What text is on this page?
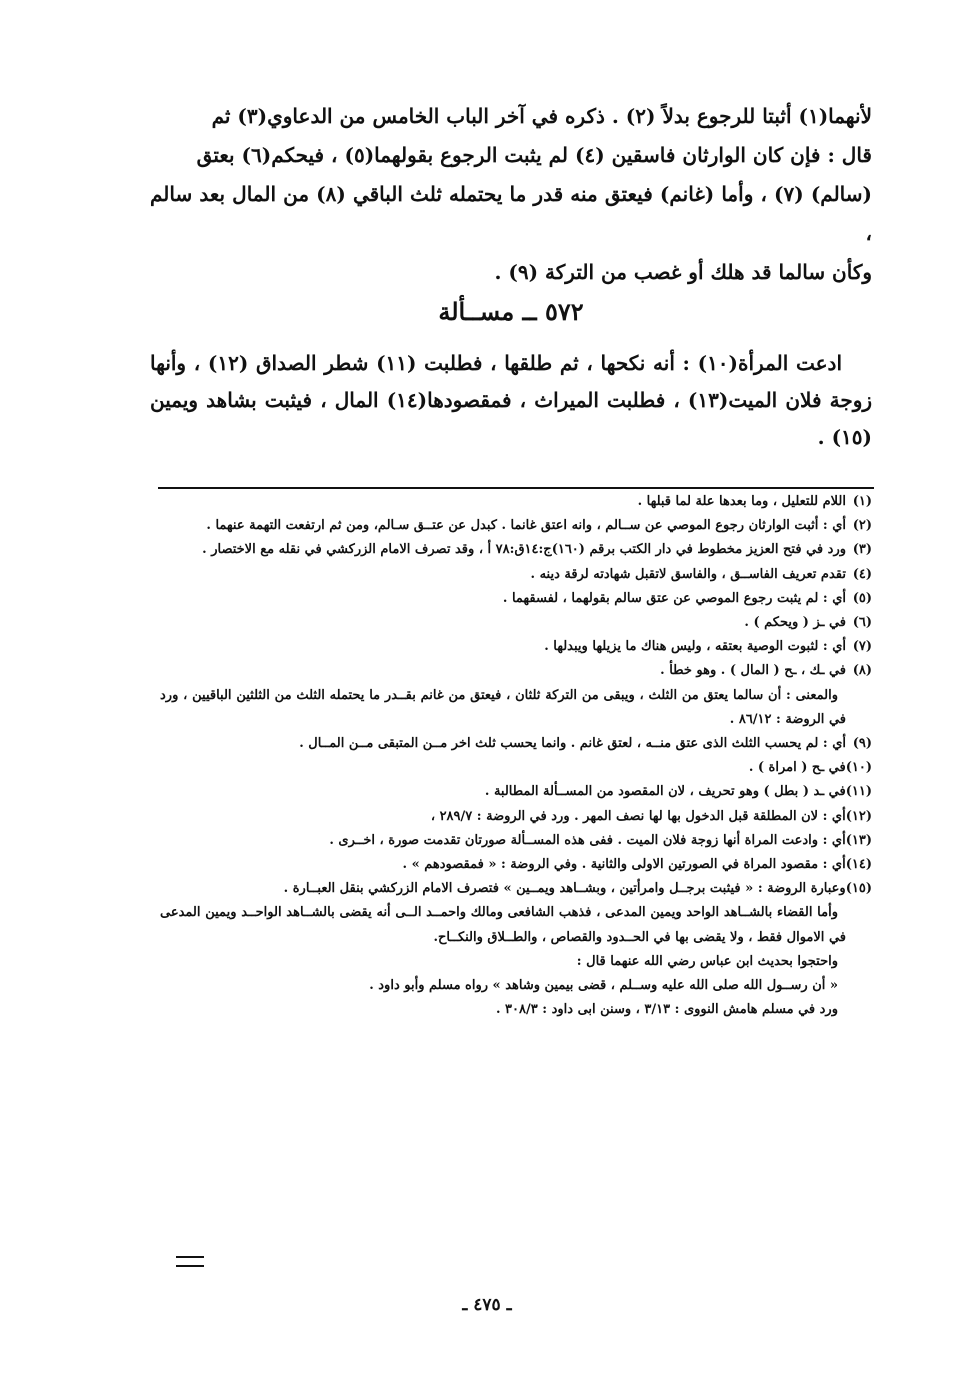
لأنهما(١) أثبتا للرجوع بدلاً (٢) . ذكره في آخر الباب الخامس من الدعاوي(٣) ثم

قال : فإن كان الوارثان فاسقين (٤) لم يثبت الرجوع بقولهما(٥) ، فيحكم(٦) بعتق

(سالم) (٧) ، وأما (غانم) فيعتق منه قدر ما يحتمله ثلث الباقي (٨) من المال بعد سالم ،

وكأن سالما قد هلك أو غصب من التركة (٩) .

٥٧٢ ــ مســألة

ادعت المرأة(١٠) : أنه نكحها ، ثم طلقها ، فطلبت (١١) شطر الصداق (١٢) ، وأنها زوجة فلان الميت(١٣) ، فطلبت الميراث ، فمقصودها(١٤) المال ، فيثبت بشاهد ويمين (١٥) .

(١)اللام للتعليل ، وما بعدها علة لما قبلها .

(٢)أي : أثبت الوارثان رجوع الموصي عن ســالم ، وانه اعتق غانما . كبدل عن عتــق سـالم، ومن ثم ارتفعت التهمة عنهما .

(٣)ورد في فتح العزيز مخطوط في دار الكتب برقم (١٦٠)ج:١٤ق:٧٨ أ ، وقد تصرف الامام الزركشي في نقله مع الاختصار .

(٤)تقدم تعريف الفاســق ، والفاسق لاتقبل شهادته لرقة دينه .

(٥)أي : لم يثبت رجوع الموصي عن عتق سالم بقولهما ، لفسقهما .

(٦)في ـز ( ويحكم ) .

(٧)أي : لثبوت الوصية بعتقه ، وليس هناك ما يزيلها ويبدلها .

(٨)في ـك ، ـح ( المال ) . وهو خطأ .

والمعنى : أن سالما يعتق من الثلث ، ويبقى من التركة ثلثان ، فيعتق من غانم بقــدر ما يحتمله الثلث من الثلثين الباقيين ، ورد في الروضة : ٨٦/١٢ .

(٩)أي : لم يحسب الثلث الذى عتق منــه ، لعتق غانم . وانما يحسب ثلث اخر مــن المتبقى مــن المــال .

(١٠)في ـح ( امراة ) .

(١١)في ـد ( بطل ) وهو تحريف ، لان المقصود من المســألة المطالبة .

(١٢)أي : لان المطلقة قبل الدخول بها لها نصف المهر . ورد في الروضة : ٢٨٩/٧ ،

(١٣)أي : وادعت المراة أنها زوجة فلان الميت . ففى هذه المســألة صورتان تقدمت صورة ، اخــرى .

(١٤)أي : مقصود المراة في الصورتين الاولى والثانية . وفي الروضة : « فمقصودهم » .

(١٥)وعبارة الروضة : « فيثبت برجــل وامرأتين ، وبشــاهد ويمــين » فتصرف الامام الزركشي بنقل العبــارة .

وأما القضاء بالشــاهد الواحد ويمين المدعى ، فذهب الشافعى ومالك واحمــد الــى أنه يقضى بالشــاهد الواحــد ويمين المدعى في الاموال فقط ، ولا يقضى بها في الحــدود والقصاص ، والطــلاق والنكــاح.

واحتجوا بحديث ابن عباس رضي الله عنهما قال :

« أن رســول الله صلى الله عليه وســلم ، قضى بيمين وشاهد » رواه مسلم وأبو داود .

ورد في مسلم هامش النووى : ٣/١٣ ، وسنن ابى داود : ٣٠٨/٣ .

ـ ٤٧٥ ـ
